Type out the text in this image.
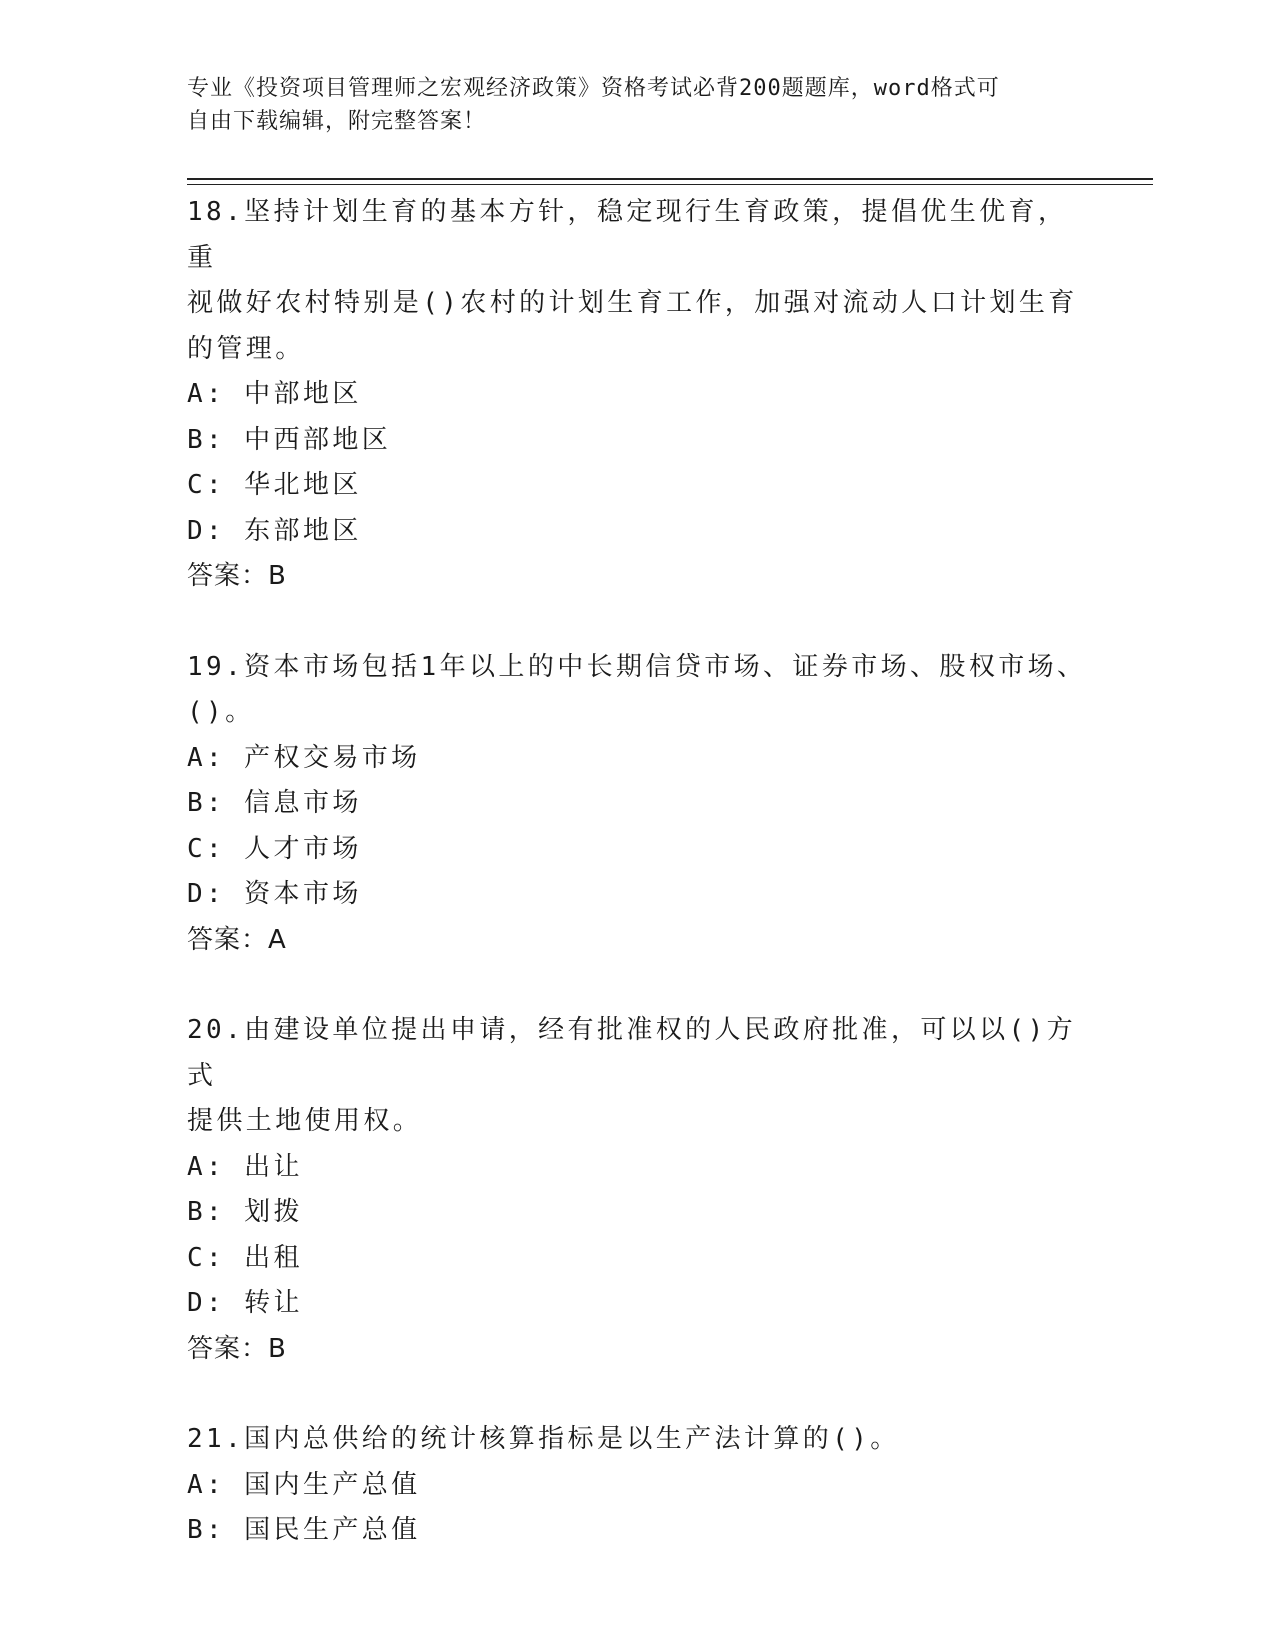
专业《投资项目管理师之宏观经济政策》资格考试必背200题题库，word格式可
自由下载编辑，附完整答案！
18.坚持计划生育的基本方针，稳定现行生育政策，提倡优生优育，重
视做好农村特别是()农村的计划生育工作，加强对流动人口计划生育
的管理。
A: 中部地区
B: 中西部地区
C: 华北地区
D: 东部地区
答案：B
19.资本市场包括1年以上的中长期信贷市场、证券市场、股权市场、
()。
A: 产权交易市场
B: 信息市场
C: 人才市场
D: 资本市场
答案：A
20.由建设单位提出申请，经有批准权的人民政府批准，可以以()方式
提供土地使用权。
A: 出让
B: 划拨
C: 出租
D: 转让
答案：B
21.国内总供给的统计核算指标是以生产法计算的()。
A: 国内生产总值
B: 国民生产总值
